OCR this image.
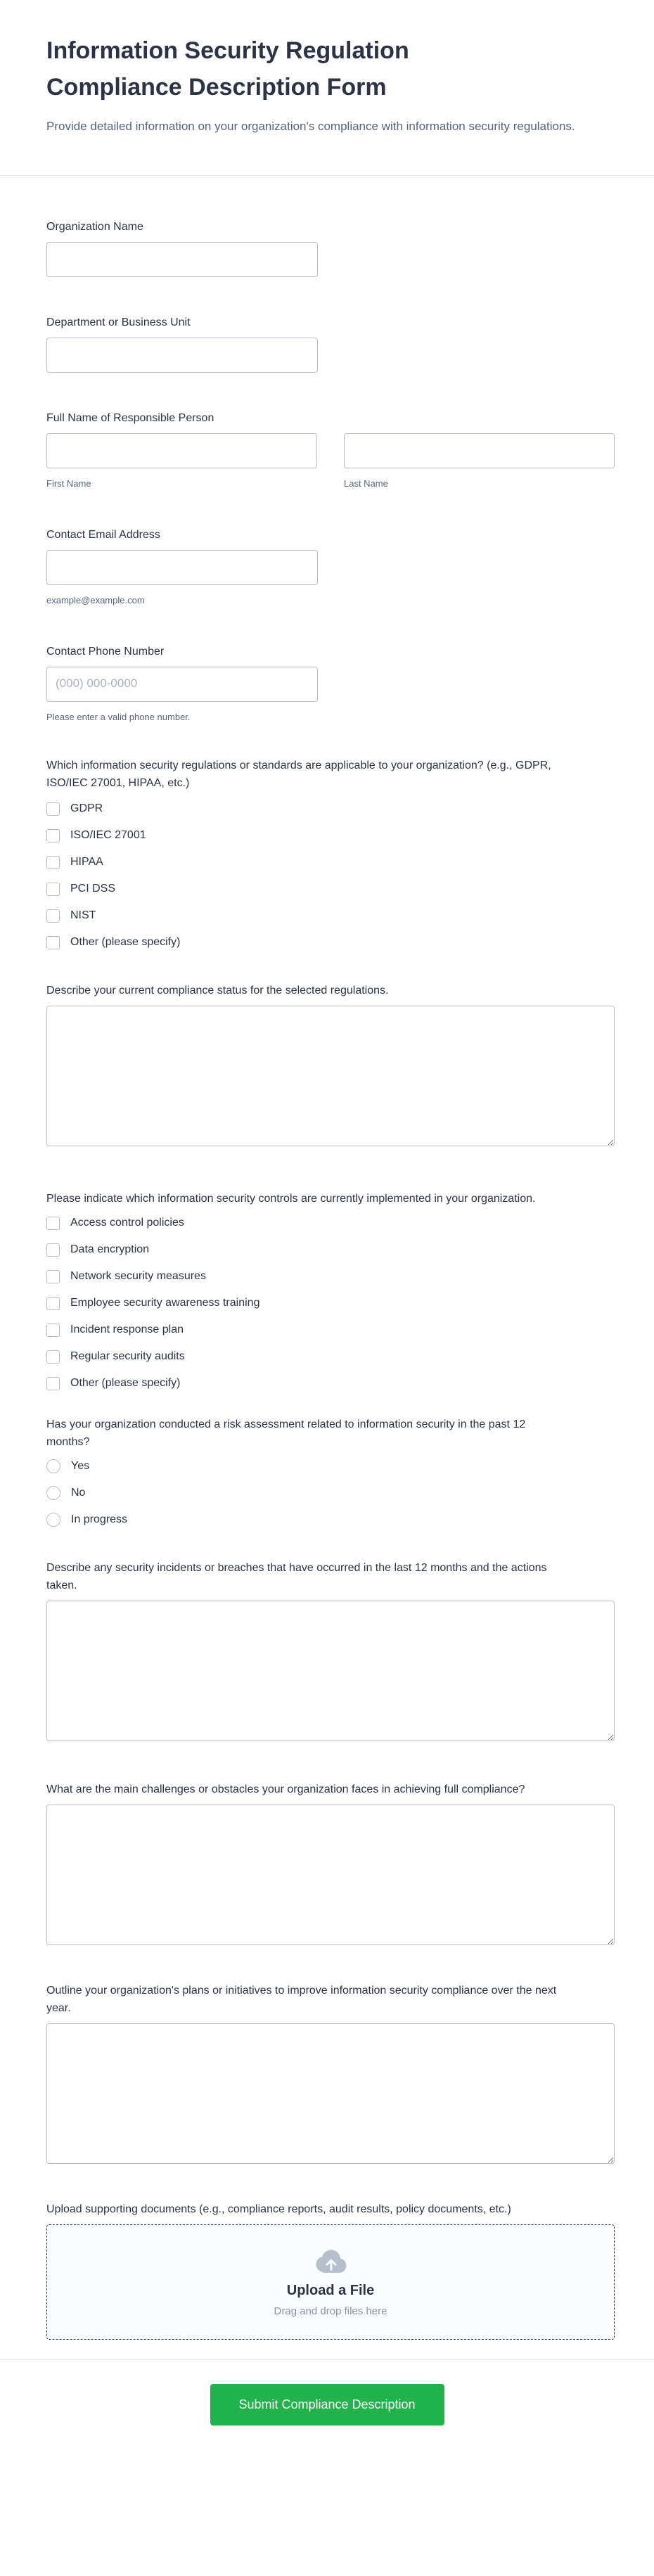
Information Security Regulation Compliance Description Form

Provide detailed information on your organization's compliance with information security regulations.

Organization Name
Department or Business Unit
Full Name of Responsible Person
First Name	Last Name
Contact Email Address
example@example.com
Contact Phone Number
(000) 000-0000
Please enter a valid phone number.
Which information security regulations or standards are applicable to your organization? (e.g., GDPR, ISO/IEC 27001, HIPAA, etc.)
GDPR
ISO/IEC 27001
HIPAA
PCI DSS
NIST
Other (please specify)
Describe your current compliance status for the selected regulations.
Please indicate which information security controls are currently implemented in your organization.
Access control policies
Data encryption
Network security measures
Employee security awareness training
Incident response plan
Regular security audits
Other (please specify)
Has your organization conducted a risk assessment related to information security in the past 12 months?
Yes
No
In progress
Describe any security incidents or breaches that have occurred in the last 12 months and the actions taken.
What are the main challenges or obstacles your organization faces in achieving full compliance?
Outline your organization's plans or initiatives to improve information security compliance over the next year.
Upload supporting documents (e.g., compliance reports, audit results, policy documents, etc.)
Upload a File
Drag and drop files here
Submit Compliance Description
